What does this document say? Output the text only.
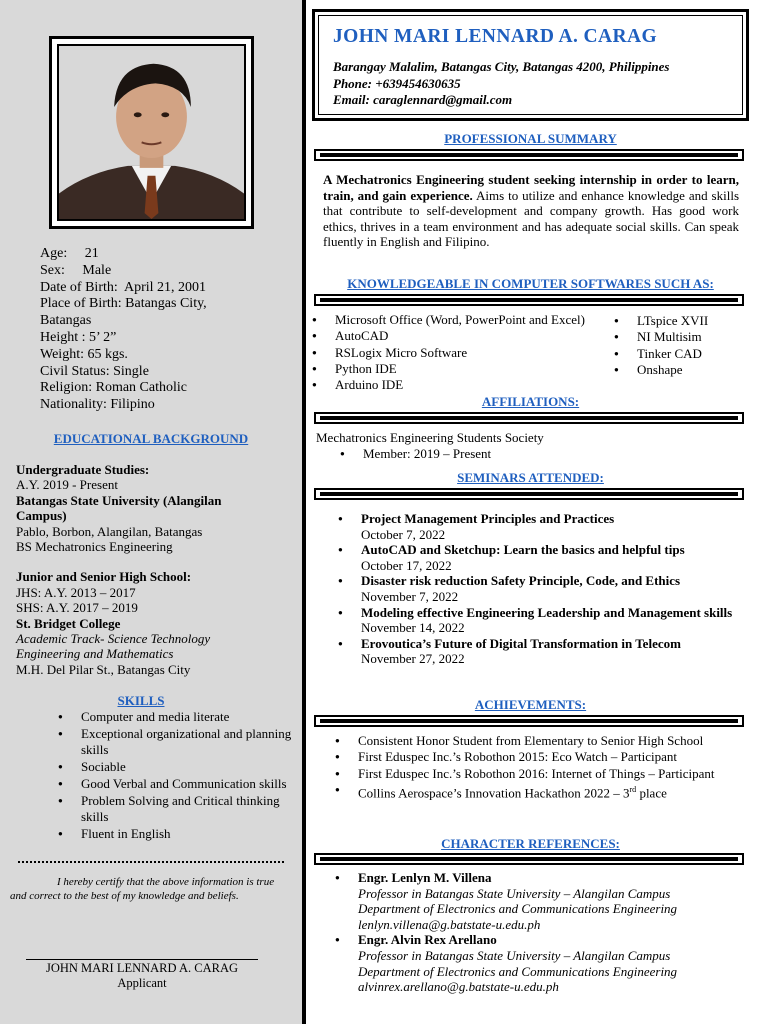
Age:     21
Sex:     Male
Date of Birth:  April 21, 2001
Place of Birth: Batangas City,
Batangas
Height : 5’ 2”
Weight: 65 kgs.
Civil Status: Single
Religion: Roman Catholic
Nationality: Filipino
EDUCATIONAL BACKGROUND
Undergraduate Studies:
A.Y. 2019 - Present
Batangas State University (Alangilan
Campus)
Pablo, Borbon, Alangilan, Batangas
BS Mechatronics Engineering
Junior and Senior High School:
JHS: A.Y. 2013 – 2017
SHS: A.Y. 2017 – 2019
St. Bridget College
Academic Track- Science Technology
Engineering and Mathematics
M.H. Del Pilar St., Batangas City
SKILLS
● Computer and media literate
● Exceptional organizational and planning skills
● Sociable
● Good Verbal and Communication skills
● Problem Solving and Critical thinking skills
● Fluent in English
I hereby certify that the above information is true and correct to the best of my knowledge and beliefs.
JOHN MARI LENNARD A. CARAG
Applicant
JOHN MARI LENNARD A. CARAG
Barangay Malalim, Batangas City, Batangas 4200, Philippines
Phone: +639454630635
Email: caraglennard@gmail.com
PROFESSIONAL SUMMARY
A Mechatronics Engineering student seeking internship in order to learn, train, and gain experience. Aims to utilize and enhance knowledge and skills that contribute to self-development and company growth. Has good work ethics, thrives in a team environment and has adequate social skills. Can speak fluently in English and Filipino.
KNOWLEDGEABLE IN COMPUTER SOFTWARES SUCH AS:
● Microsoft Office (Word, PowerPoint and Excel)
● AutoCAD
● RSLogix Micro Software
● Python IDE
● Arduino IDE
● LTspice XVII
● NI Multisim
● Tinker CAD
● Onshape
AFFILIATIONS:
Mechatronics Engineering Students Society
● Member: 2019 – Present
SEMINARS ATTENDED:
● Project Management Principles and Practices
October 7, 2022
● AutoCAD and Sketchup: Learn the basics and helpful tips
October 17, 2022
● Disaster risk reduction Safety Principle, Code, and Ethics
November 7, 2022
● Modeling effective Engineering Leadership and Management skills
November 14, 2022
● Erovoutica’s Future of Digital Transformation in Telecom
November 27, 2022
ACHIEVEMENTS:
● Consistent Honor Student from Elementary to Senior High School
● First Eduspec Inc.’s Robothon 2015: Eco Watch – Participant
● First Eduspec Inc.’s Robothon 2016: Internet of Things – Participant
● Collins Aerospace’s Innovation Hackathon 2022 – 3rd place
CHARACTER REFERENCES:
● Engr. Lenlyn M. Villena
Professor in Batangas State University – Alangilan Campus
Department of Electronics and Communications Engineering
lenlyn.villena@g.batstate-u.edu.ph
● Engr. Alvin Rex Arellano
Professor in Batangas State University – Alangilan Campus
Department of Electronics and Communications Engineering
alvinrex.arellano@g.batstate-u.edu.ph
